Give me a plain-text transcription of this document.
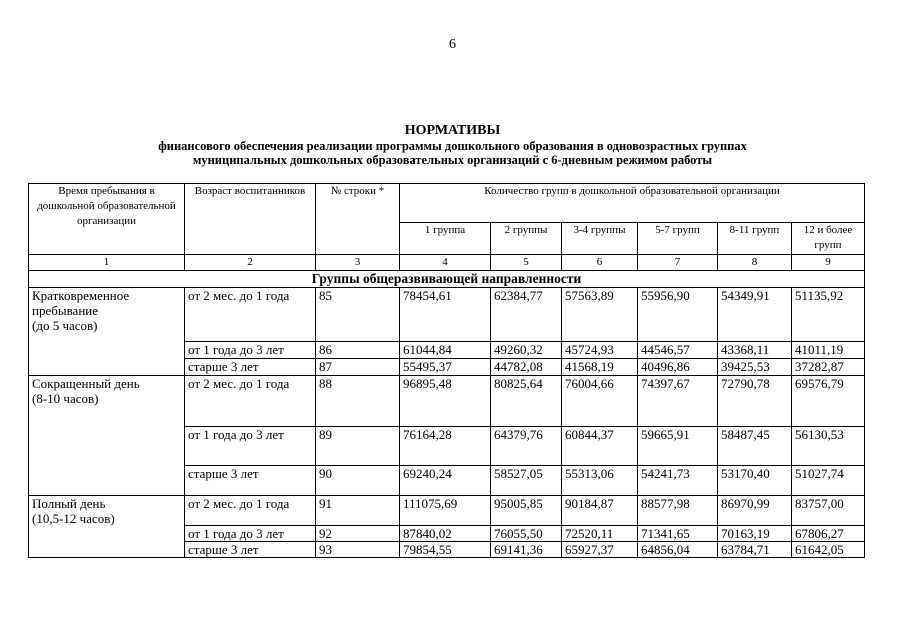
6
НОРМАТИВЫ
финансового обеспечения реализации программы дошкольного образования в одновозрастных группах
муниципальных дошкольных образовательных организаций с 6-дневным режимом работы
Время пребывания в дошкольной образовательной организации	Возраст воспитанников	№ строки *	Количество групп в дошкольной образовательной организации					
			1 группа	2 группы	3-4 группы	5-7 групп	8-11 групп	12 и более групп
1	2	3	4	5	6	7	8	9
Группы общеразвивающей направленности								

Кратковременное
пребывание
(до 5 часов)	от 2 мес. до 1 года	85	78454,61	62384,77	57563,89	55956,90	54349,91	51135,92
	от 1 года до 3 лет	86	61044,84	49260,32	45724,93	44546,57	43368,11	41011,19
	старше 3 лет	87	55495,37	44782,08	41568,19	40496,86	39425,53	37282,87

Сокращенный день
(8-10 часов)	от 2 мес. до 1 года	88	96895,48	80825,64	76004,66	74397,67	72790,78	69576,79
	от 1 года до 3 лет	89	76164,28	64379,76	60844,37	59665,91	58487,45	56130,53
	старше 3 лет	90	69240,24	58527,05	55313,06	54241,73	53170,40	51027,74

Полный день
(10,5-12 часов)	от 2 мес. до 1 года	91	111075,69	95005,85	90184,87	88577,98	86970,99	83757,00
	от 1 года до 3 лет	92	87840,02	76055,50	72520,11	71341,65	70163,19	67806,27
	старше 3 лет	93	79854,55	69141,36	65927,37	64856,04	63784,71	61642,05
